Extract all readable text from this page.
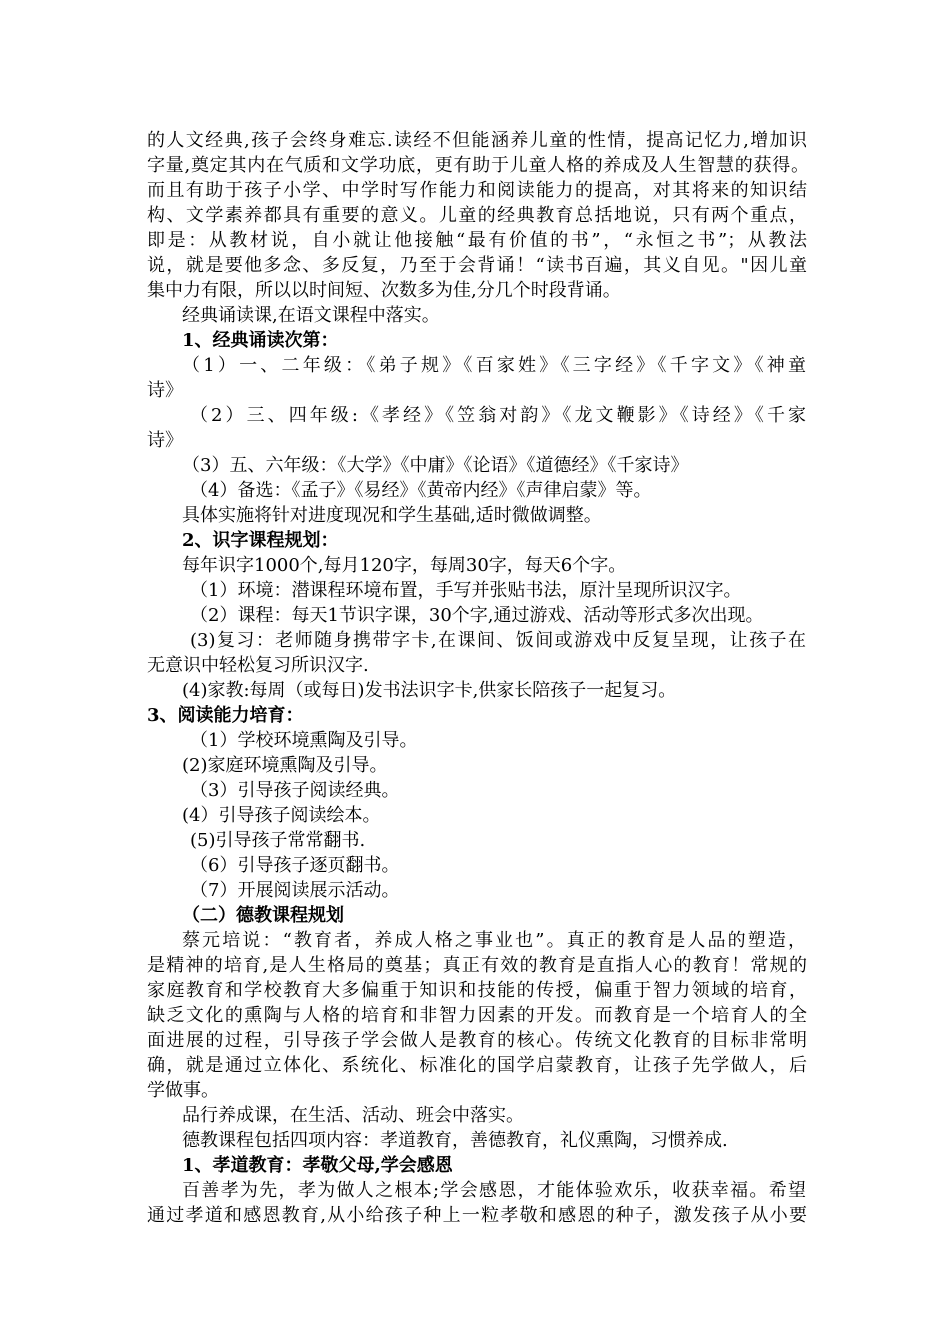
的人文经典,孩子会终身难忘.读经不但能涵养儿童的性情，提高记忆力,增加识
字量,奠定其内在气质和文学功底，更有助于儿童人格的养成及人生智慧的获得。
而且有助于孩子小学、中学时写作能力和阅读能力的提高，对其将来的知识结
构、文学素养都具有重要的意义。儿童的经典教育总括地说，只有两个重点，
即是：从教材说，自小就让他接触“最有价值的书”，“永恒之书”；从教法
说，就是要他多念、多反复，乃至于会背诵！“读书百遍，其义自见。"因儿童
集中力有限，所以以时间短、次数多为佳,分几个时段背诵。
经典诵读课,在语文课程中落实。
1、经典诵读次第：
（1）一、二年级：《弟子规》《百家姓》《三字经》《千字文》《神童
诗》
（2）三、四年级:《孝经》《笠翁对韵》《龙文鞭影》《诗经》《千家
诗》
（3）五、六年级：《大学》《中庸》《论语》《道德经》《千家诗》
（4）备选：《孟子》《易经》《黄帝内经》《声律启蒙》等。
具体实施将针对进度现况和学生基础,适时微做调整。
2、识字课程规划：
每年识字1000个,每月120字，每周30字，每天6个字。
（1）环境：潜课程环境布置，手写并张贴书法，原汁呈现所识汉字。
（2）课程：每天1节识字课，30个字,通过游戏、活动等形式多次出现。
(3)复习：老师随身携带字卡,在课间、饭间或游戏中反复呈现，让孩子在
无意识中轻松复习所识汉字.
(4)家教:每周（或每日)发书法识字卡,供家长陪孩子一起复习。
3、阅读能力培育：
（1）学校环境熏陶及引导。
(2)家庭环境熏陶及引导。
（3）引导孩子阅读经典。
(4）引导孩子阅读绘本。
(5)引导孩子常常翻书.
（6）引导孩子逐页翻书。
（7）开展阅读展示活动。
（二）德教课程规划
蔡元培说：“教育者，养成人格之事业也”。真正的教育是人品的塑造，
是精神的培育,是人生格局的奠基；真正有效的教育是直指人心的教育！常规的
家庭教育和学校教育大多偏重于知识和技能的传授，偏重于智力领域的培育，
缺乏文化的熏陶与人格的培育和非智力因素的开发。而教育是一个培育人的全
面进展的过程，引导孩子学会做人是教育的核心。传统文化教育的目标非常明
确，就是通过立体化、系统化、标准化的国学启蒙教育，让孩子先学做人，后
学做事。
品行养成课，在生活、活动、班会中落实。
德教课程包括四项内容：孝道教育，善德教育，礼仪熏陶，习惯养成.
1、孝道教育：孝敬父母,学会感恩
百善孝为先，孝为做人之根本;学会感恩，才能体验欢乐，收获幸福。希望
通过孝道和感恩教育,从小给孩子种上一粒孝敬和感恩的种子，激发孩子从小要
